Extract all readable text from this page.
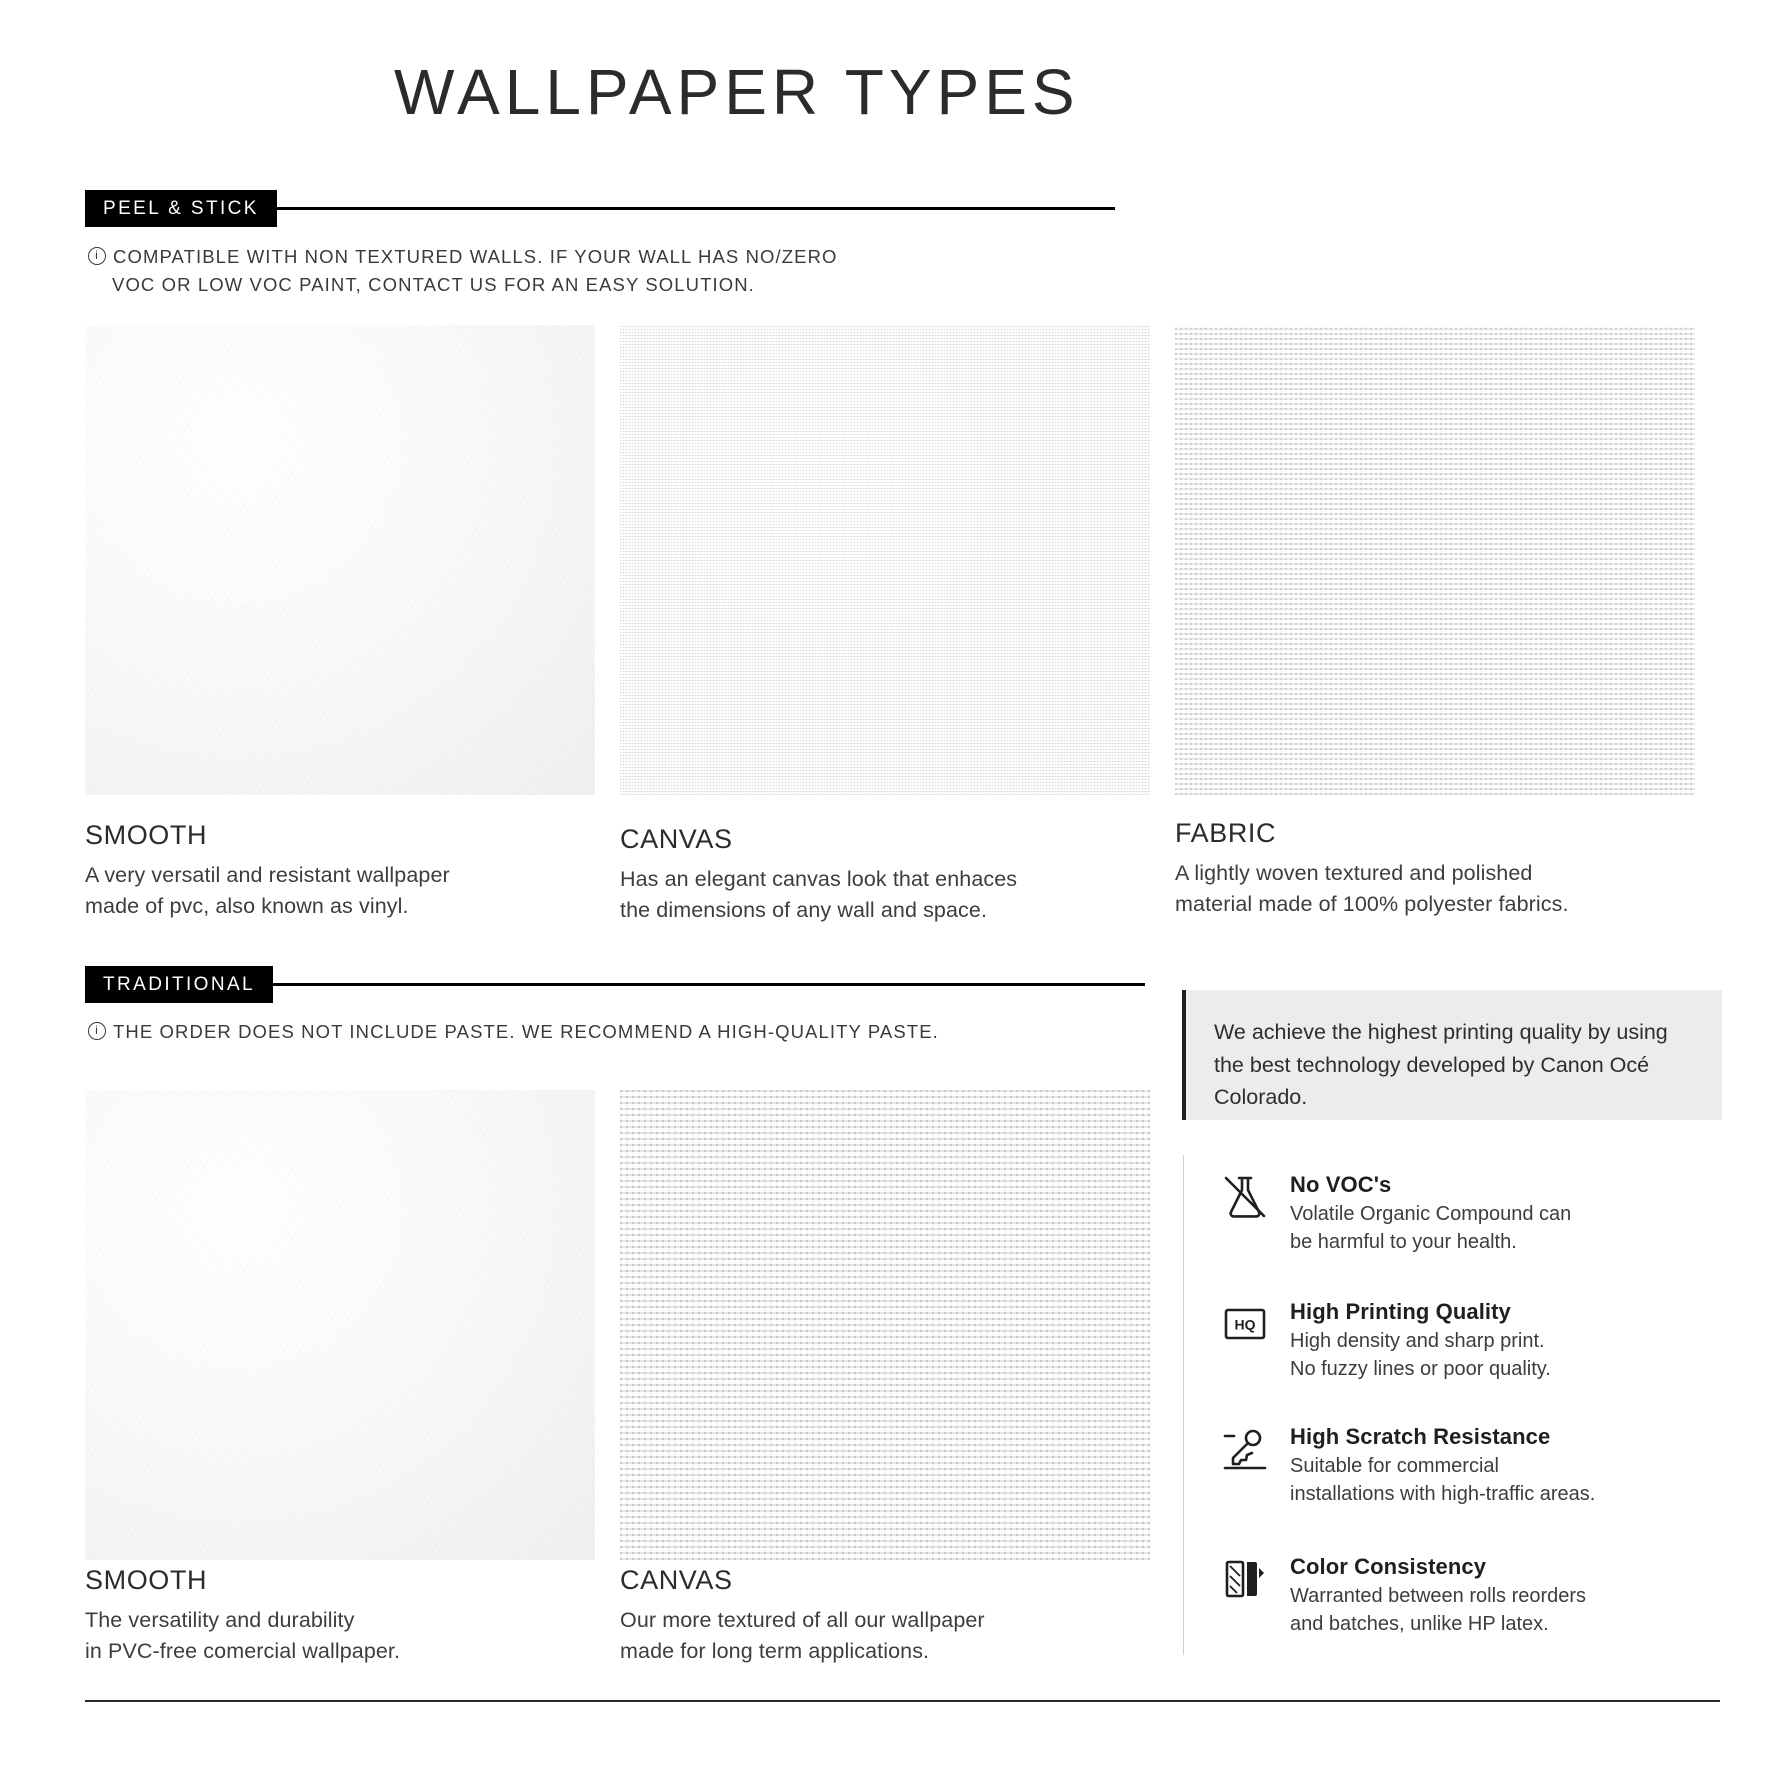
WALLPAPER TYPES
PEEL & STICK
iCOMPATIBLE WITH NON TEXTURED WALLS. IF YOUR WALL HAS NO/ZERO
VOC OR LOW VOC PAINT, CONTACT US FOR AN EASY SOLUTION.
SMOOTH
A very versatil and resistant wallpaper
made of pvc, also known as vinyl.
CANVAS
Has an elegant canvas look that enhaces
the dimensions of any wall and space.
FABRIC
A lightly woven textured and polished
material made of 100% polyester fabrics.
TRADITIONAL
iTHE ORDER DOES NOT INCLUDE PASTE. WE RECOMMEND A HIGH-QUALITY PASTE.
SMOOTH
The versatility and durability
in PVC-free comercial wallpaper.
CANVAS
Our more textured of all our wallpaper
made for long term applications.
We achieve the highest printing quality by using the best technology developed by Canon Océ Colorado.
No VOC's
Volatile Organic Compound can
be harmful to your health.
HQ
High Printing Quality
High density and sharp print.
No fuzzy lines or poor quality.
High Scratch Resistance
Suitable for commercial
installations with high-traffic areas.
Color Consistency
Warranted between rolls reorders
and batches, unlike HP latex.
